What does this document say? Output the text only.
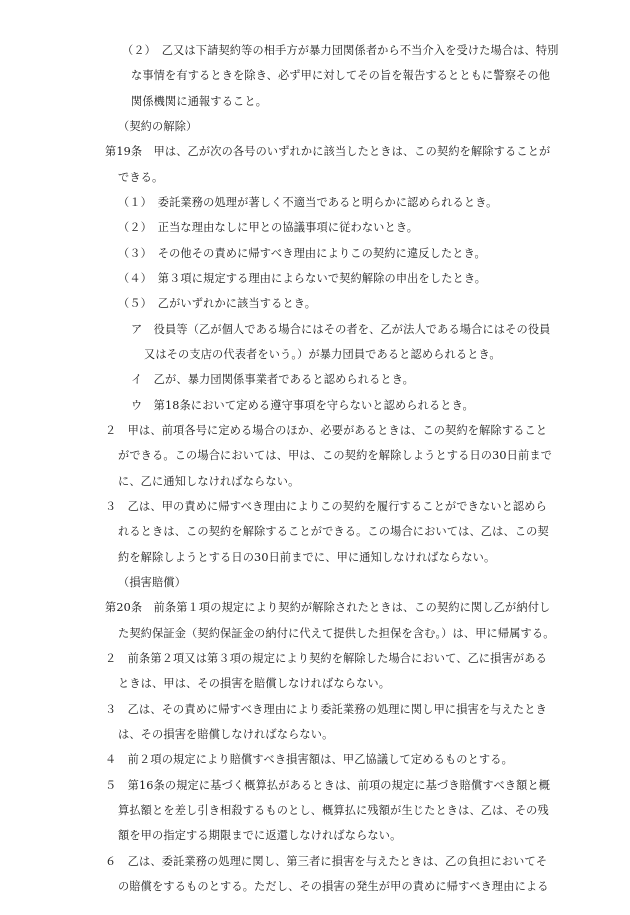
（２）　乙又は下請契約等の相手方が暴力団関係者から不当介入を受けた場合は、特別
な事情を有するときを除き、必ず甲に対してその旨を報告するとともに警察その他
関係機関に通報すること。
（契約の解除）
第19条　甲は、乙が次の各号のいずれかに該当したときは、この契約を解除することが
できる。
（１）　委託業務の処理が著しく不適当であると明らかに認められるとき。
（２）　正当な理由なしに甲との協議事項に従わないとき。
（３）　その他その責めに帰すべき理由によりこの契約に違反したとき。
（４）　第３項に規定する理由によらないで契約解除の申出をしたとき。
（５）　乙がいずれかに該当するとき。
ア　役員等（乙が個人である場合にはその者を、乙が法人である場合にはその役員
又はその支店の代表者をいう。）が暴力団員であると認められるとき。
イ　乙が、暴力団関係事業者であると認められるとき。
ウ　第18条において定める遵守事項を守らないと認められるとき。
２　甲は、前項各号に定める場合のほか、必要があるときは、この契約を解除すること
ができる。この場合においては、甲は、この契約を解除しようとする日の30日前まで
に、乙に通知しなければならない。
３　乙は、甲の責めに帰すべき理由によりこの契約を履行することができないと認めら
れるときは、この契約を解除することができる。この場合においては、乙は、この契
約を解除しようとする日の30日前までに、甲に通知しなければならない。
（損害賠償）
第20条　前条第１項の規定により契約が解除されたときは、この契約に関し乙が納付し
た契約保証金（契約保証金の納付に代えて提供した担保を含む。）は、甲に帰属する。
２　前条第２項又は第３項の規定により契約を解除した場合において、乙に損害がある
ときは、甲は、その損害を賠償しなければならない。
３　乙は、その責めに帰すべき理由により委託業務の処理に関し甲に損害を与えたとき
は、その損害を賠償しなければならない。
４　前２項の規定により賠償すべき損害額は、甲乙協議して定めるものとする。
５　第16条の規定に基づく概算払があるときは、前項の規定に基づき賠償すべき額と概
算払額とを差し引き相殺するものとし、概算払に残額が生じたときは、乙は、その残
額を甲の指定する期限までに返還しなければならない。
６　乙は、委託業務の処理に関し、第三者に損害を与えたときは、乙の負担においてそ
の賠償をするものとする。ただし、その損害の発生が甲の責めに帰すべき理由による
